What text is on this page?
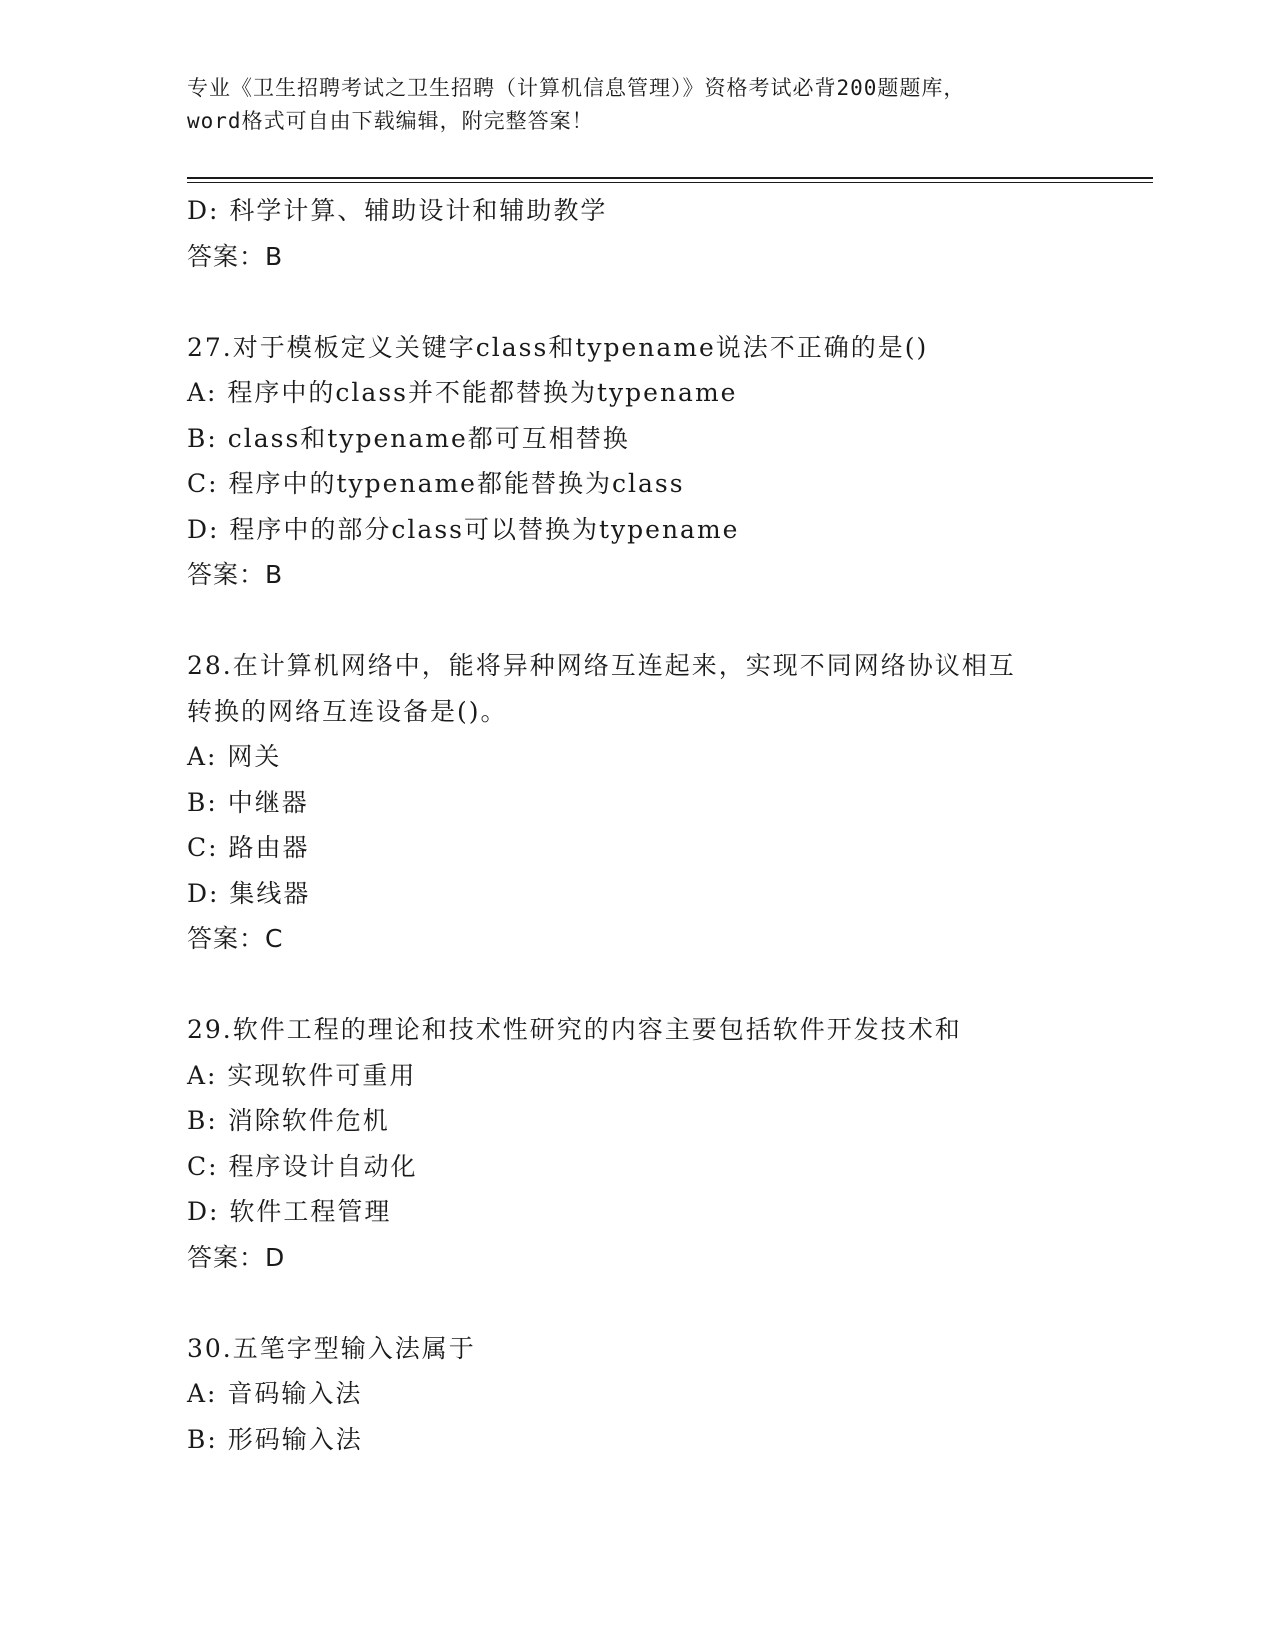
专业《卫生招聘考试之卫生招聘（计算机信息管理）》资格考试必背200题题库，
word格式可自由下载编辑，附完整答案！
D: 科学计算、辅助设计和辅助教学
答案：B
27.对于模板定义关键字class和typename说法不正确的是()
A: 程序中的class并不能都替换为typename
B: class和typename都可互相替换
C: 程序中的typename都能替换为class
D: 程序中的部分class可以替换为typename
答案：B
28.在计算机网络中，能将异种网络互连起来，实现不同网络协议相互
转换的网络互连设备是()。
A: 网关
B: 中继器
C: 路由器
D: 集线器
答案：C
29.软件工程的理论和技术性研究的内容主要包括软件开发技术和
A: 实现软件可重用
B: 消除软件危机
C: 程序设计自动化
D: 软件工程管理
答案：D
30.五笔字型输入法属于
A: 音码输入法
B: 形码输入法
